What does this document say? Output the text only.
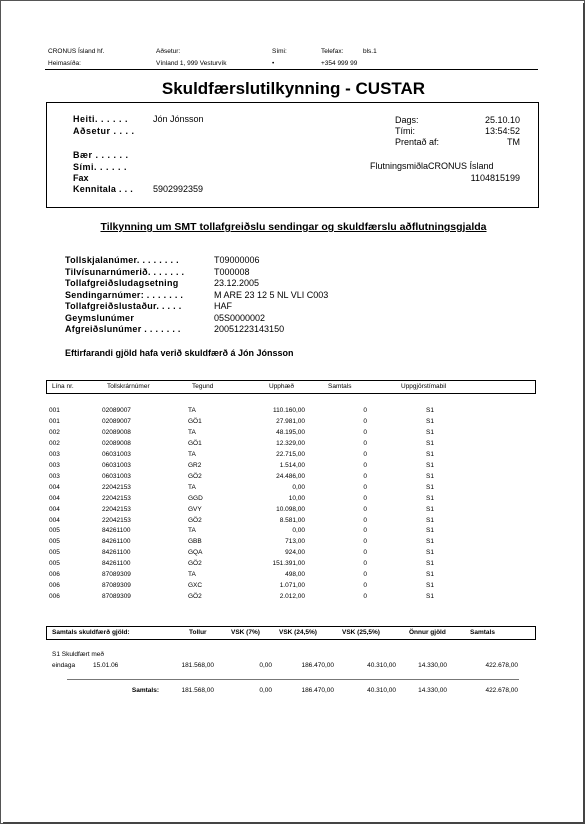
CRONUS Ísland hf.
Heimasíða:
Aðsetur:
Vínland 1, 999 Vesturvík
Sími:
•
Telefax:
+354 999 99
bls.1
Skuldfærslutilkynning - CUSTAR
Heiti. . . . . .	Jón Jónsson
Aðsetur . . . .
Bær . . . . . .
Sími. . . . . .
Fax
Kennitala . . . 5902992359
Dags:	25.10.10
Tími:	13:54:52
Prentað af:	TM
FlutningsmiðlaCRONUS Ísland
1104815199
Tilkynning um SMT tollafgreiðslu sendingar og skuldfærslu aðflutningsgjalda
Tollskjalanúmer. . . . . . . .	T09000006
Tilvísunarnúmerið. . . . . . .	T000008
Tollafgreiðsludagsetning	23.12.2005
Sendingarnúmer: . . . . . . .	M ARE 23 12 5 NL VLI C003
Tollafgreiðslustaður. . . . .	HAF
Geymslunúmer	05S0000002
Afgreiðslunúmer . . . . . . .	20051223143150
Eftirfarandi gjöld hafa verið skuldfærð á Jón Jónsson
Lína nr.	Tollskrárnúmer	Tegund	Upphæð	Samtals	Uppgjörstímabil
001	02089007	TA	110.160,00	0	S1
001	02089007	GÖ1	27.981,00	0	S1
002	02089008	TA	48.195,00	0	S1
002	02089008	GÖ1	12.329,00	0	S1
003	06031003	TA	22.715,00	0	S1
003	06031003	GR2	1.514,00	0	S1
003	06031003	GÖ2	24.486,00	0	S1
004	22042153	TA	0,00	0	S1
004	22042153	GGD	10,00	0	S1
004	22042153	GVY	10.098,00	0	S1
004	22042153	GÖ2	8.581,00	0	S1
005	84261100	TA	0,00	0	S1
005	84261100	GBB	713,00	0	S1
005	84261100	GQA	924,00	0	S1
005	84261100	GÖ2	151.391,00	0	S1
006	87089309	TA	498,00	0	S1
006	87089309	GXC	1.071,00	0	S1
006	87089309	GÖ2	2.012,00	0	S1
Samtals skuldfærð gjöld:	Tollur	VSK (7%)	VSK (24,5%)	VSK (25,5%)	Önnur gjöld	Samtals
S1 Skuldfært með
eindaga	15.01.06	181.568,00	0,00	186.470,00	40.310,00	14.330,00	422.678,00
Samtals:	181.568,00	0,00	186.470,00	40.310,00	14.330,00	422.678,00
